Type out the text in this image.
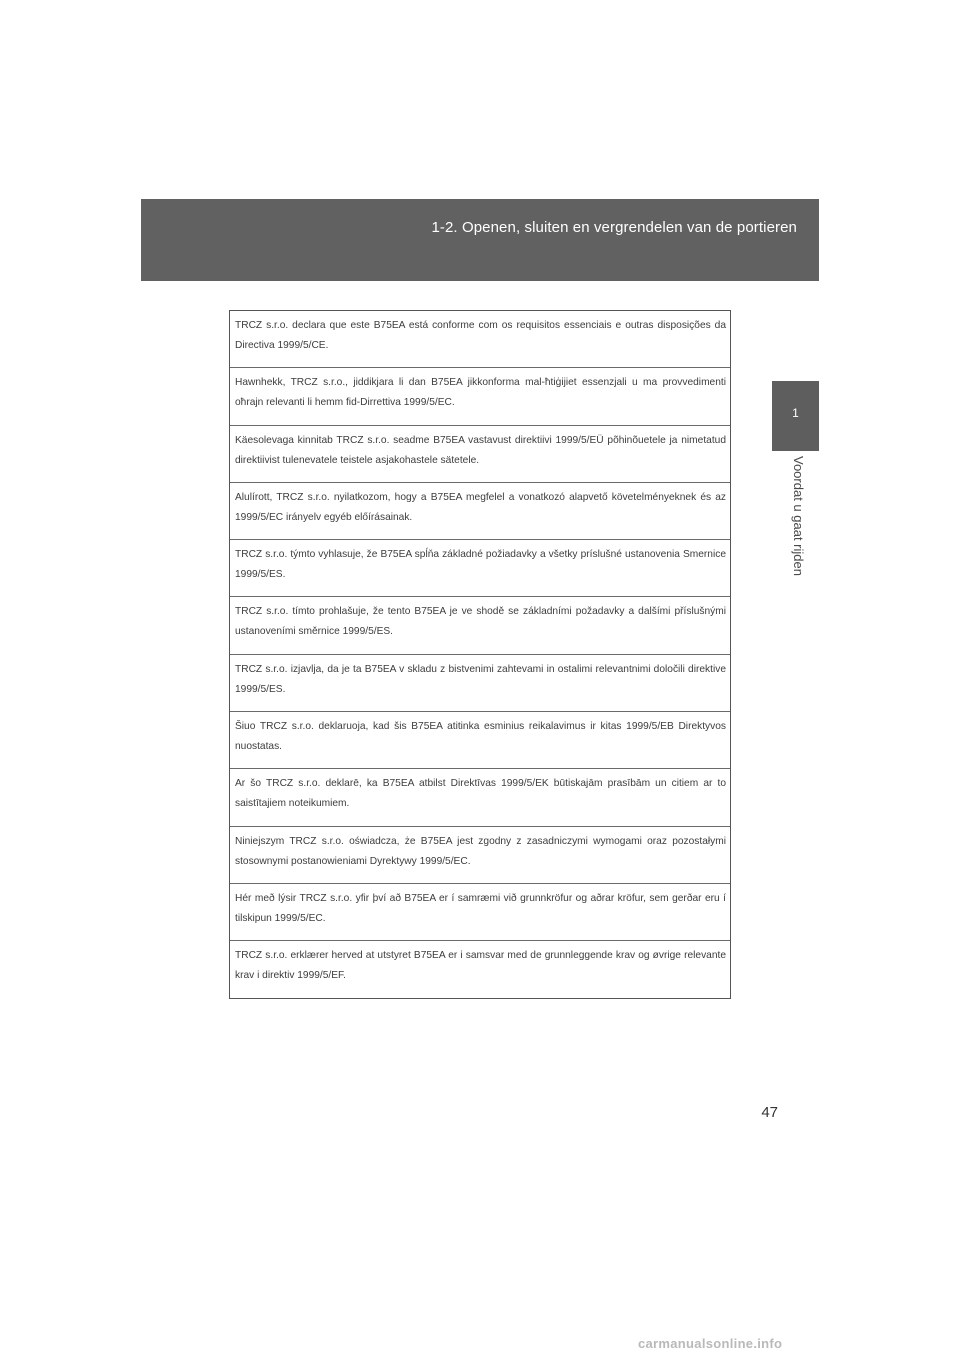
1-2. Openen, sluiten en vergrendelen van de portieren
1
Voordat u gaat rijden
TRCZ s.r.o. declara que este B75EA está conforme com os requisitos essenciais e outras disposições da Directiva 1999/5/CE.
Hawnhekk, TRCZ s.r.o., jiddikjara li dan B75EA jikkonforma mal-ħtiġijiet essenzjali u ma provvedimenti oħrajn relevanti li hemm fid-Dirrettiva 1999/5/EC.
Käesolevaga kinnitab TRCZ s.r.o. seadme B75EA vastavust direktiivi 1999/5/EÜ põhinõuetele ja nimetatud direktiivist tulenevatele teistele asjakohastele sätetele.
Alulírott, TRCZ s.r.o. nyilatkozom, hogy a B75EA megfelel a vonatkozó alapvető követelményeknek és az 1999/5/EC irányelv egyéb előírásainak.
TRCZ s.r.o. týmto vyhlasuje, že B75EA spĺňa základné požiadavky a všetky príslušné ustanovenia Smernice 1999/5/ES.
TRCZ s.r.o. tímto prohlašuje, že tento B75EA je ve shodě se základními požadavky a dalšími příslušnými ustanoveními směrnice 1999/5/ES.
TRCZ s.r.o. izjavlja, da je ta B75EA v skladu z bistvenimi zahtevami in ostalimi relevantnimi določili direktive 1999/5/ES.
Šiuo TRCZ s.r.o. deklaruoja, kad šis B75EA atitinka esminius reikalavimus ir kitas 1999/5/EB Direktyvos nuostatas.
Ar šo TRCZ s.r.o. deklarē, ka B75EA atbilst Direktīvas 1999/5/EK būtiskajām prasībām un citiem ar to saistītajiem noteikumiem.
Niniejszym TRCZ s.r.o. oświadcza, że B75EA jest zgodny z zasadniczymi wymogami oraz pozostałymi stosownymi postanowieniami Dyrektywy 1999/5/EC.
Hér með lýsir TRCZ s.r.o. yfir því að B75EA er í samræmi við grunnkröfur og aðrar kröfur, sem gerðar eru í tilskipun 1999/5/EC.
TRCZ s.r.o. erklærer herved at utstyret B75EA er i samsvar med de grunnleggende krav og øvrige relevante krav i direktiv 1999/5/EF.
47
carmanualsonline.info
